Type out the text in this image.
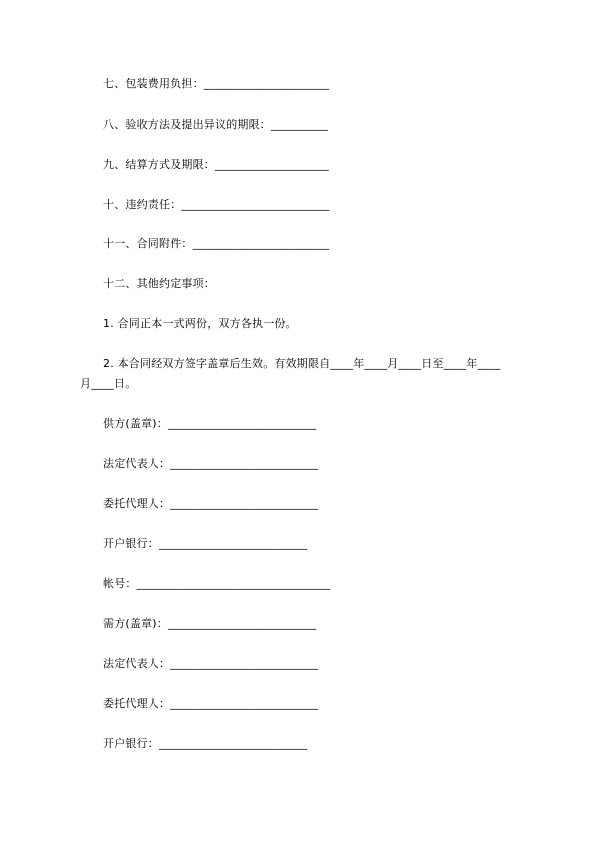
七、包装费用负担：______________________
八、验收方法及提出异议的期限：__________
九、结算方式及期限：____________________
十、违约责任：__________________________
十一、合同附件：________________________
十二、其他约定事项：
1. 合同正本一式两份，双方各执一份。
2. 本合同经双方签字盖章后生效。有效期限自____年____月____日至____年____
月____日。
供方(盖章)：__________________________
法定代表人：__________________________
委托代理人：__________________________
开户银行：__________________________
帐号：__________________________________
需方(盖章)：__________________________
法定代表人：__________________________
委托代理人：__________________________
开户银行：__________________________
